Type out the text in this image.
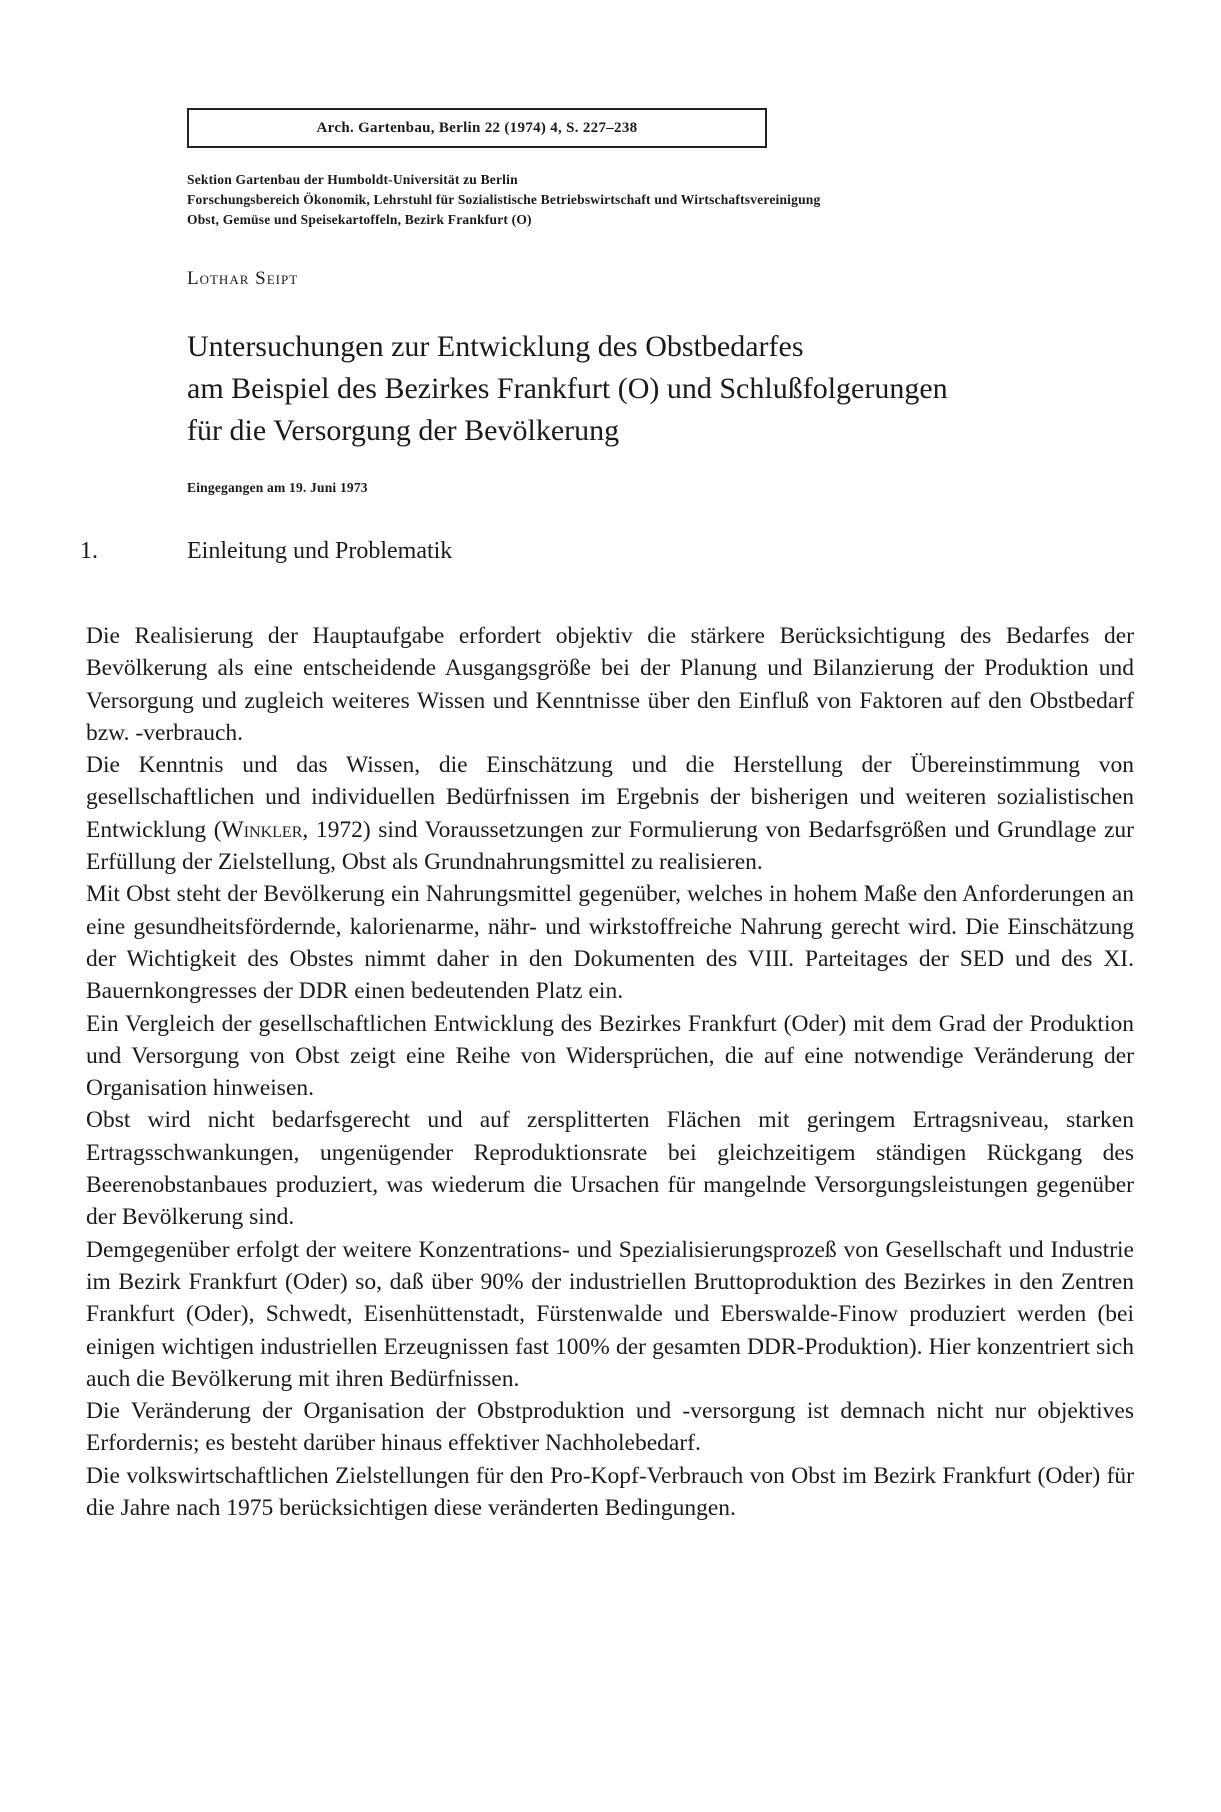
Arch. Gartenbau, Berlin 22 (1974) 4, S. 227–238
Sektion Gartenbau der Humboldt-Universität zu Berlin
Forschungsbereich Ökonomik, Lehrstuhl für Sozialistische Betriebswirtschaft und Wirtschaftsvereinigung
Obst, Gemüse und Speisekartoffeln, Bezirk Frankfurt (O)
Lothar Seipt
Untersuchungen zur Entwicklung des Obstbedarfes
am Beispiel des Bezirkes Frankfurt (O) und Schlußfolgerungen
für die Versorgung der Bevölkerung
Eingegangen am 19. Juni 1973
1.	Einleitung und Problematik

Die Realisierung der Hauptaufgabe erfordert objektiv die stärkere Berücksichtigung des Bedarfes der Bevölkerung als eine entscheidende Ausgangsgröße bei der Planung und Bilanzierung der Produktion und Versorgung und zugleich weiteres Wissen und Kenntnisse über den Einfluß von Faktoren auf den Obstbedarf bzw. -verbrauch.

Die Kenntnis und das Wissen, die Einschätzung und die Herstellung der Übereinstimmung von gesellschaftlichen und individuellen Bedürfnissen im Ergebnis der bisherigen und weiteren sozialistischen Entwicklung (Winkler, 1972) sind Voraussetzungen zur Formulierung von Bedarfsgrößen und Grundlage zur Erfüllung der Zielstellung, Obst als Grundnahrungsmittel zu realisieren.

Mit Obst steht der Bevölkerung ein Nahrungsmittel gegenüber, welches in hohem Maße den Anforderungen an eine gesundheitsfördernde, kalorienarme, nähr- und wirkstoffreiche Nahrung gerecht wird. Die Einschätzung der Wichtigkeit des Obstes nimmt daher in den Dokumenten des VIII. Parteitages der SED und des XI. Bauernkongresses der DDR einen bedeutenden Platz ein.

Ein Vergleich der gesellschaftlichen Entwicklung des Bezirkes Frankfurt (Oder) mit dem Grad der Produktion und Versorgung von Obst zeigt eine Reihe von Widersprüchen, die auf eine notwendige Veränderung der Organisation hinweisen.

Obst wird nicht bedarfsgerecht und auf zersplitterten Flächen mit geringem Ertragsniveau, starken Ertragsschwankungen, ungenügender Reproduktionsrate bei gleichzeitigem ständigen Rückgang des Beerenobstanbaues produziert, was wiederum die Ursachen für mangelnde Versorgungsleistungen gegenüber der Bevölkerung sind.

Demgegenüber erfolgt der weitere Konzentrations- und Spezialisierungsprozeß von Gesellschaft und Industrie im Bezirk Frankfurt (Oder) so, daß über 90% der industriellen Bruttoproduktion des Bezirkes in den Zentren Frankfurt (Oder), Schwedt, Eisenhüttenstadt, Fürstenwalde und Eberswalde-Finow produziert werden (bei einigen wichtigen industriellen Erzeugnissen fast 100% der gesamten DDR-Produktion). Hier konzentriert sich auch die Bevölkerung mit ihren Bedürfnissen.

Die Veränderung der Organisation der Obstproduktion und -versorgung ist demnach nicht nur objektives Erfordernis; es besteht darüber hinaus effektiver Nachholebedarf.

Die volkswirtschaftlichen Zielstellungen für den Pro-Kopf-Verbrauch von Obst im Bezirk Frankfurt (Oder) für die Jahre nach 1975 berücksichtigen diese veränderten Bedingungen.
